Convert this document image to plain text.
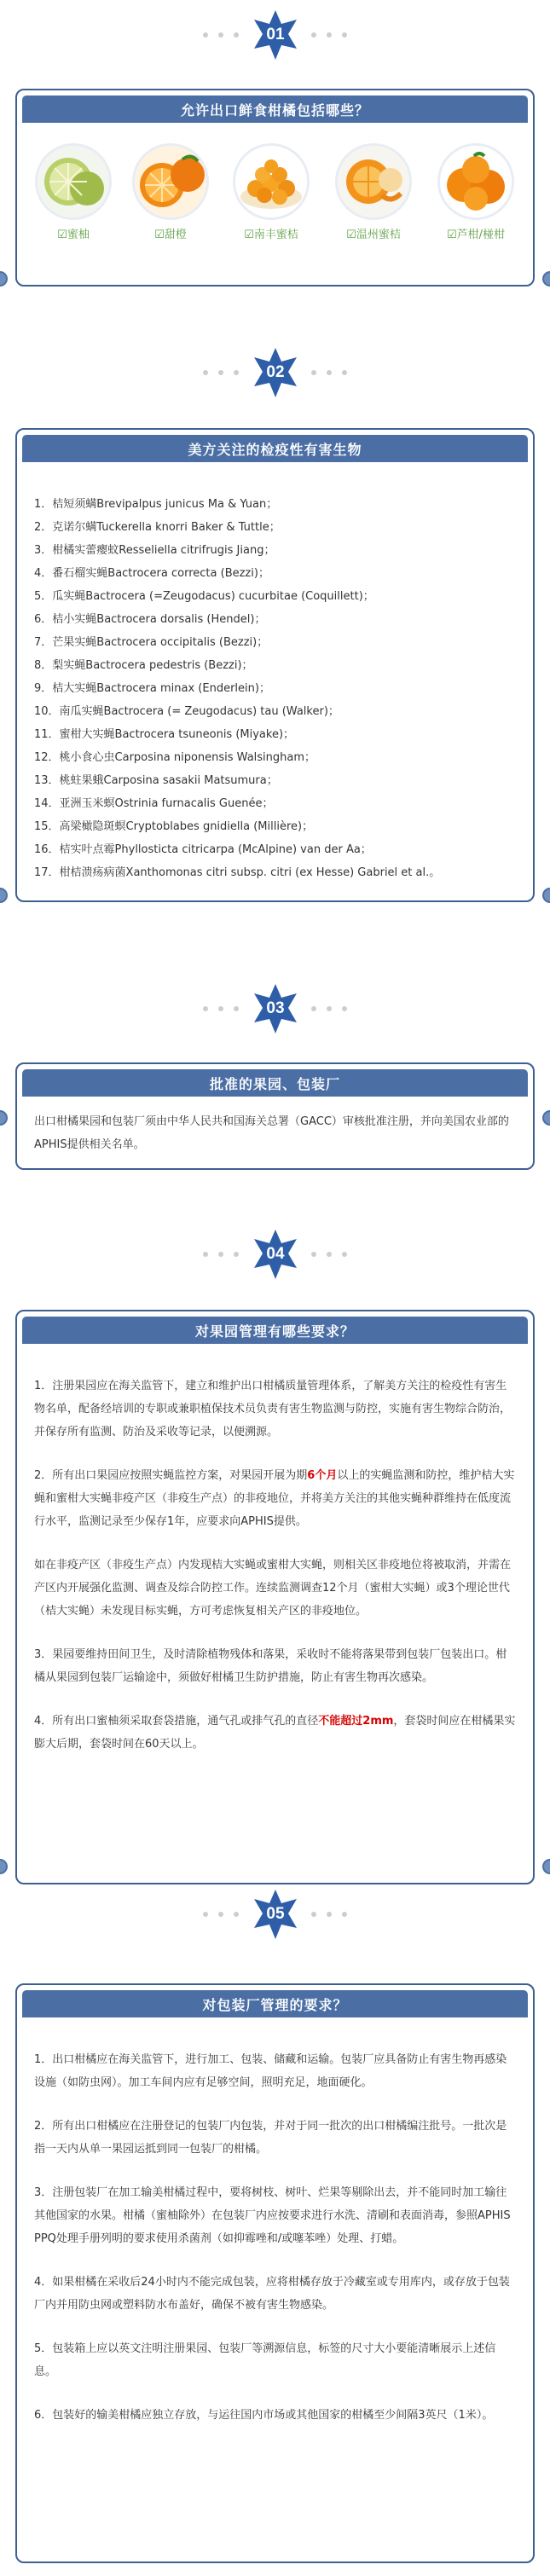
01
允许出口鲜食柑橘包括哪些？
☑蜜柚	☑甜橙	☑南丰蜜桔	☑温州蜜桔	☑芦柑/椪柑
02
美方关注的检疫性有害生物
1．桔短须螨Brevipalpus junicus Ma & Yuan；
2．克诺尔螨Tuckerella knorri Baker & Tuttle；
3．柑橘实蕾瘿蚊Resseliella citrifrugis Jiang；
4．番石榴实蝇Bactrocera correcta (Bezzi)；
5．瓜实蝇Bactrocera (=Zeugodacus) cucurbitae (Coquillett)；
6．桔小实蝇Bactrocera dorsalis (Hendel)；
7．芒果实蝇Bactrocera occipitalis (Bezzi)；
8．梨实蝇Bactrocera pedestris (Bezzi)；
9．桔大实蝇Bactrocera minax (Enderlein)；
10．南瓜实蝇Bactrocera (= Zeugodacus) tau (Walker)；
11．蜜柑大实蝇Bactrocera tsuneonis (Miyake)；
12．桃小食心虫Carposina niponensis Walsingham；
13．桃蛀果蛾Carposina sasakii Matsumura；
14．亚洲玉米螟Ostrinia furnacalis Guenée；
15．高梁橄隐斑螟Cryptoblabes gnidiella (Millière)；
16．桔实叶点霉Phyllosticta citricarpa (McAlpine) van der Aa；
17．柑桔溃疡病菌Xanthomonas citri subsp. citri (ex Hesse) Gabriel et al.。
03
批准的果园、包装厂
出口柑橘果园和包装厂须由中华人民共和国海关总署（GACC）审核批准注册，并向美国农业部的APHIS提供相关名单。
04
对果园管理有哪些要求？

1．注册果园应在海关监管下，建立和维护出口柑橘质量管理体系，了解美方关注的检疫性有害生物名单，配备经培训的专职或兼职植保技术员负责有害生物监测与防控，实施有害生物综合防治，并保存所有监测、防治及采收等记录，以便溯源。

2．所有出口果园应按照实蝇监控方案，对果园开展为期6个月以上的实蝇监测和防控，维护桔大实蝇和蜜柑大实蝇非疫产区（非疫生产点）的非疫地位，并将美方关注的其他实蝇种群维持在低度流行水平，监测记录至少保存1年，应要求向APHIS提供。

如在非疫产区（非疫生产点）内发现桔大实蝇或蜜柑大实蝇，则相关区非疫地位将被取消，并需在产区内开展强化监测、调查及综合防控工作。连续监测调查12个月（蜜柑大实蝇）或3个理论世代（桔大实蝇）未发现目标实蝇，方可考虑恢复相关产区的非疫地位。

3．果园要维持田间卫生，及时清除植物残体和落果，采收时不能将落果带到包装厂包装出口。柑橘从果园到包装厂运输途中，须做好柑橘卫生防护措施，防止有害生物再次感染。

4．所有出口蜜柚须采取套袋措施，通气孔或排气孔的直径不能超过2mm，套袋时间应在柑橘果实膨大后期，套袋时间在60天以上。

05
对包装厂管理的要求？

1．出口柑橘应在海关监管下，进行加工、包装、储藏和运输。包装厂应具备防止有害生物再感染设施（如防虫网）。加工车间内应有足够空间，照明充足，地面硬化。

2．所有出口柑橘应在注册登记的包装厂内包装，并对于同一批次的出口柑橘编注批号。一批次是指一天内从单一果园运抵到同一包装厂的柑橘。

3．注册包装厂在加工输美柑橘过程中，要将树枝、树叶、烂果等剔除出去，并不能同时加工输往其他国家的水果。柑橘（蜜柚除外）在包装厂内应按要求进行水洗、清刷和表面消毒，参照APHIS PPQ处理手册列明的要求使用杀菌剂（如抑霉唑和/或噻苯唑）处理、打蜡。

4．如果柑橘在采收后24小时内不能完成包装，应将柑橘存放于冷藏室或专用库内，或存放于包装厂内并用防虫网或塑料防水布盖好，确保不被有害生物感染。

5．包装箱上应以英文注明注册果园、包装厂等溯源信息，标签的尺寸大小要能清晰展示上述信息。

6．包装好的输美柑橘应独立存放，与运往国内市场或其他国家的柑橘至少间隔3英尺（1米）。
